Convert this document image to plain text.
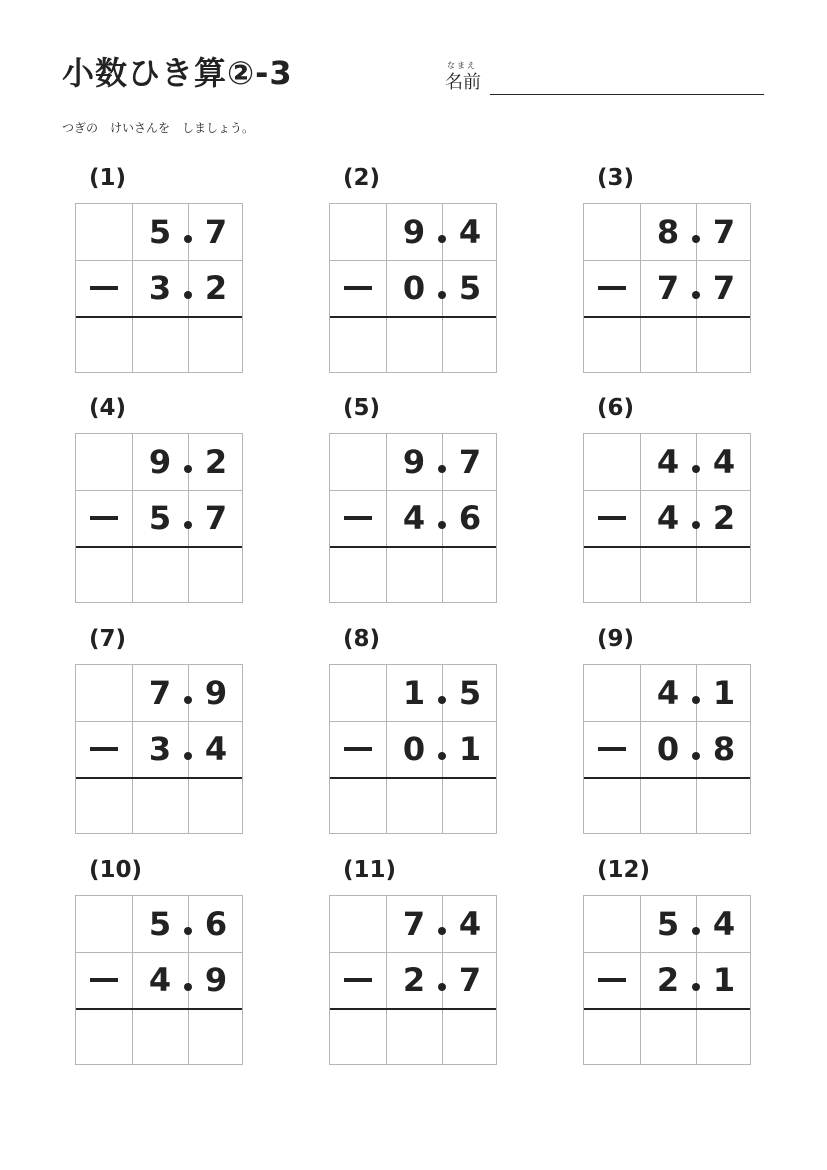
小数ひき算②-3	なまえ
名前
つぎの　けいさんを　しましょう。
(1)
5	7
3	2
(2)
9	4
0	5
(3)
8	7
7	7
(4)
9	2
5	7
(5)
9	7
4	6
(6)
4	4
4	2
(7)
7	9
3	4
(8)
1	5
0	1
(9)
4	1
0	8
(10)
5	6
4	9
(11)
7	4
2	7
(12)
5	4
2	1
